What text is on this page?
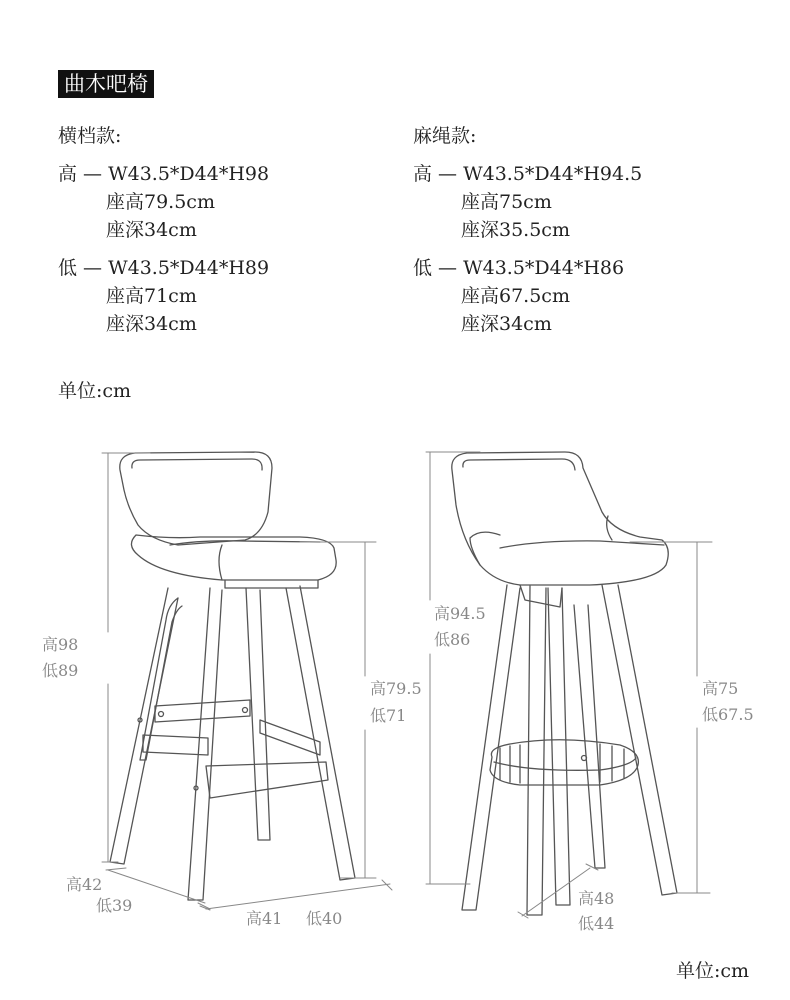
曲木吧椅
横档款:
高 — W43.5*D44*H98
座高79.5cm
座深34cm
低 — W43.5*D44*H89
座高71cm
座深34cm
麻绳款:
高 — W43.5*D44*H94.5
座高75cm
座深35.5cm
低 — W43.5*D44*H86
座高67.5cm
座深34cm
单位:cm
高98
低89
高79.5
低71
高42
低39
高41 低40
高94.5
低86
高75
低67.5
高48
低44
单位:cm
